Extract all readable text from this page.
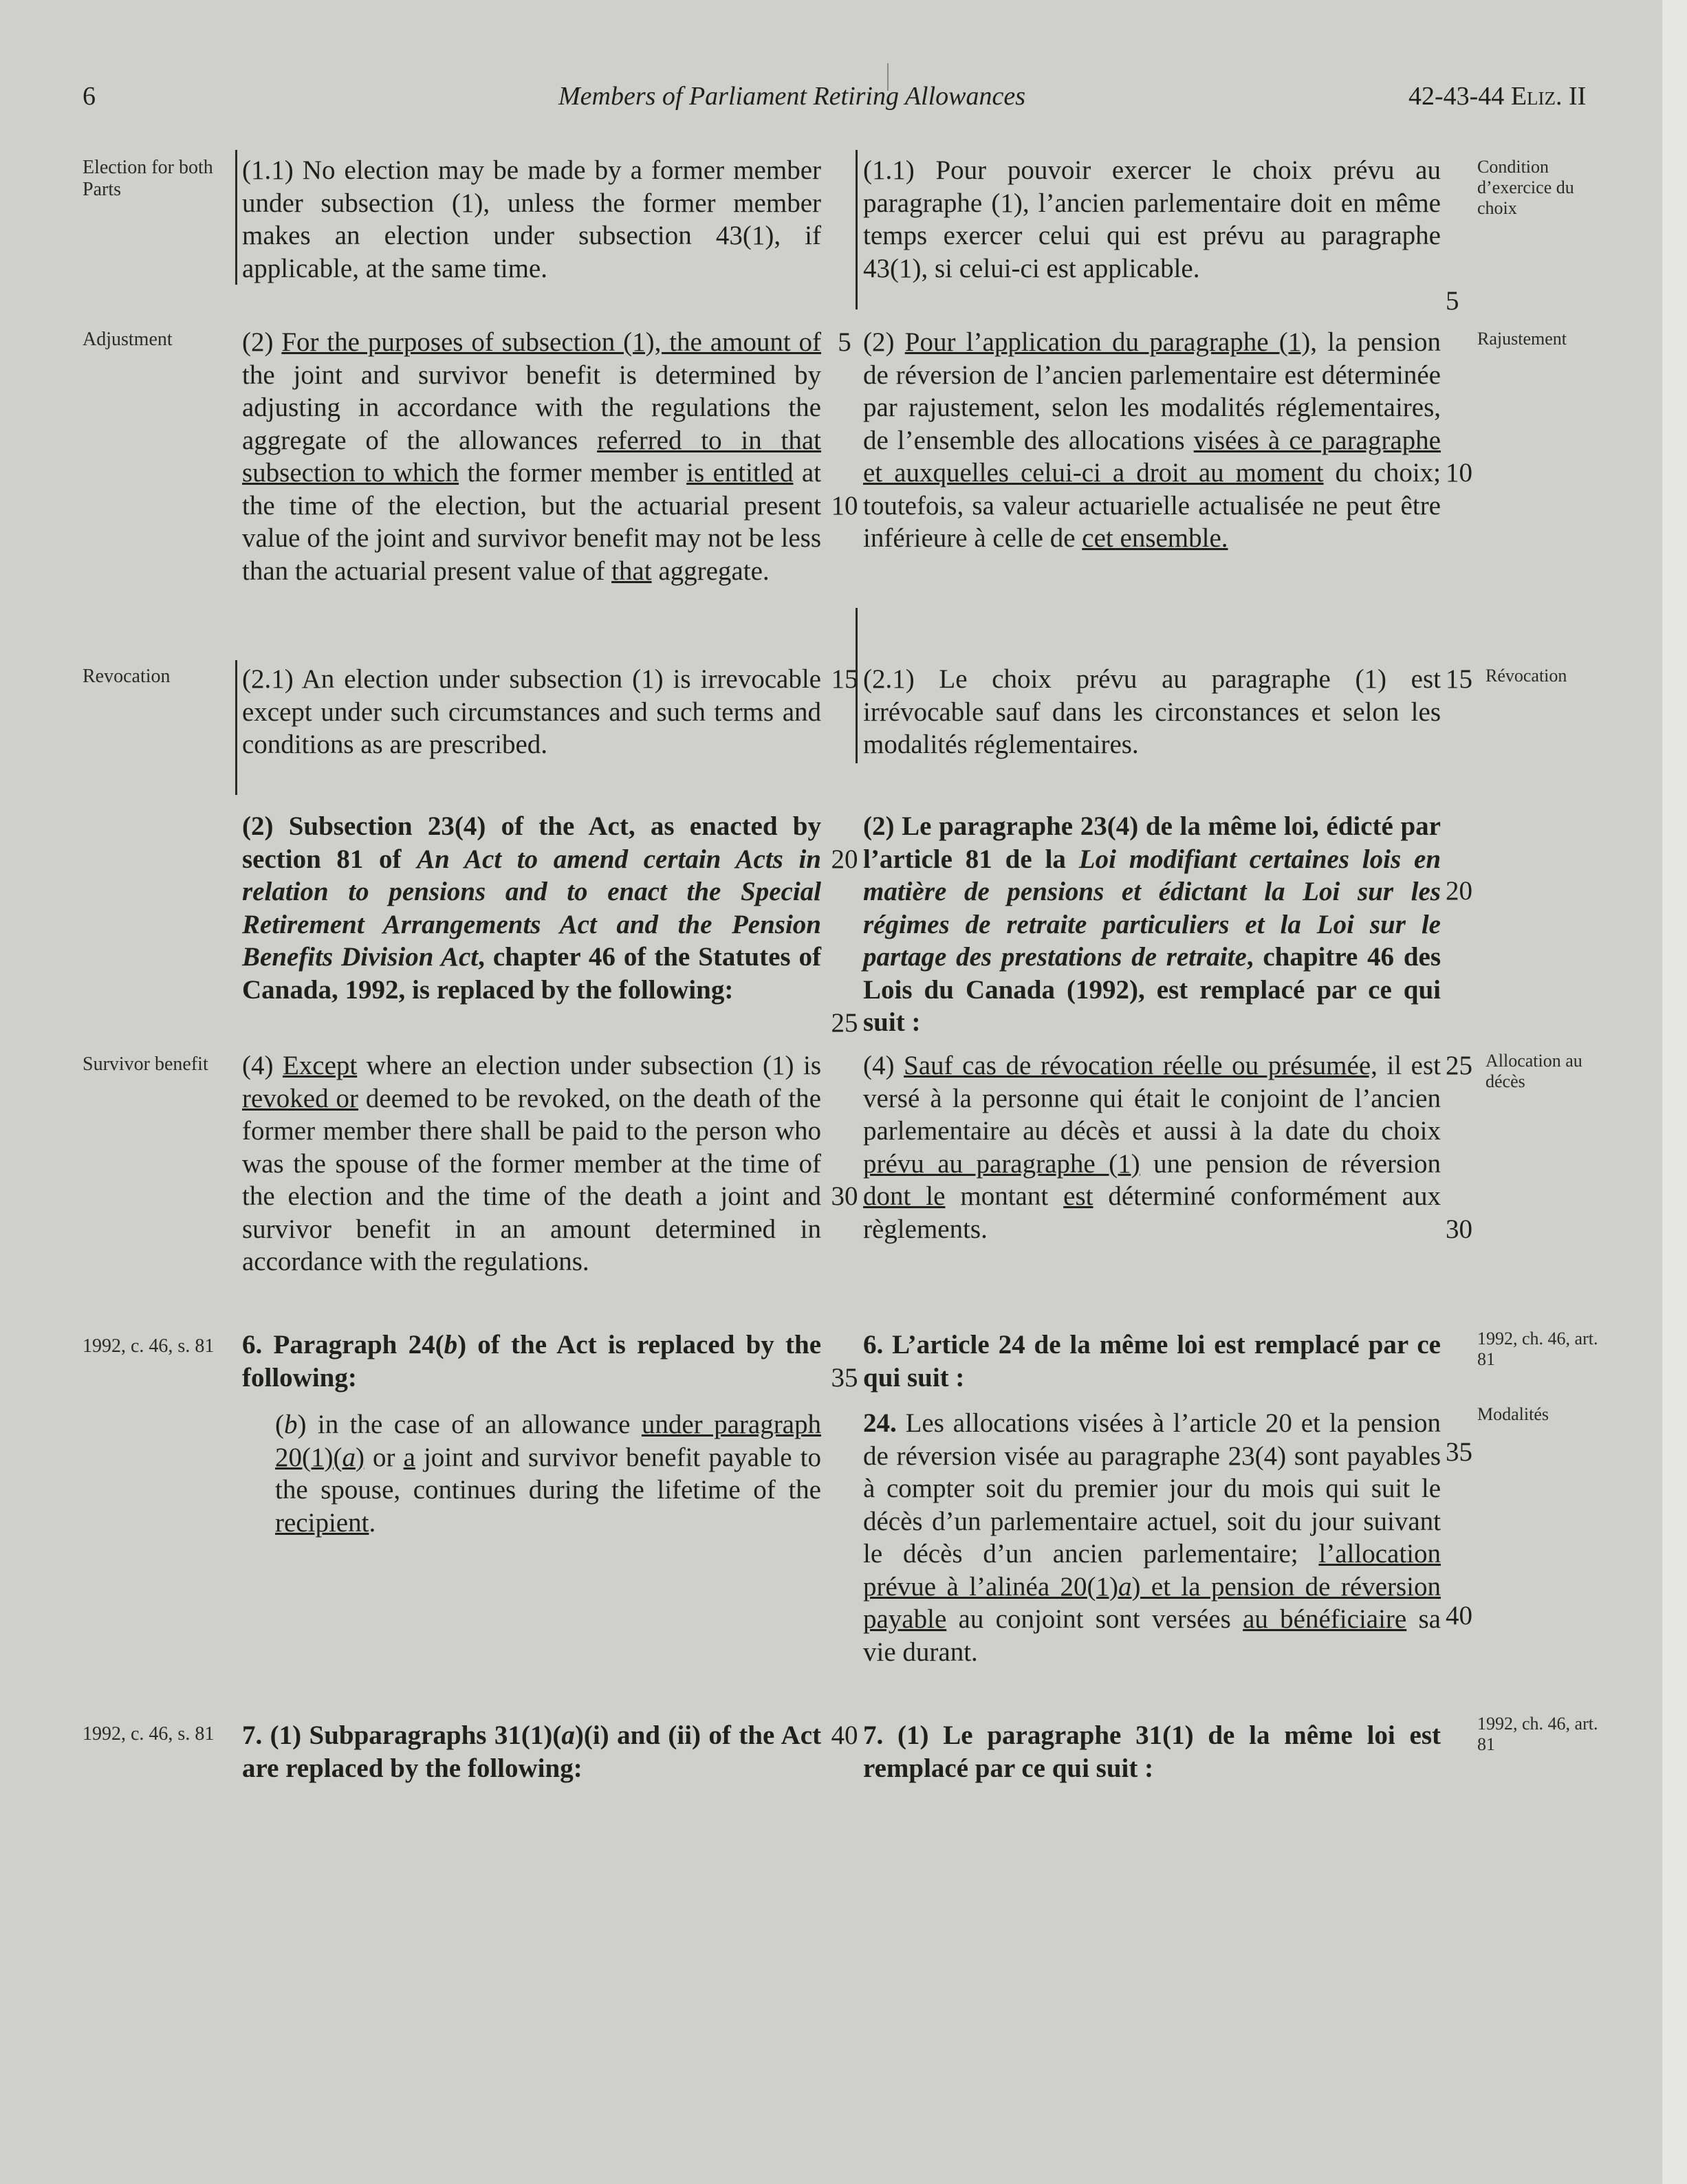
6	Members of Parliament Retiring Allowances	42-43-44 Eliz. II
Election for both Parts
Adjustment
Revocation
Survivor benefit
1992, c. 46, s. 81
1992, c. 46, s. 81
Condition d’exercice du choix
Rajustement
Révocation
Allocation au décès
1992, ch. 46, art. 81
Modalités
1992, ch. 46, art. 81
(1.1) No election may be made by a former member under subsection (1), unless the former member makes an election under subsection 43(1), if applicable, at the same time.
(2) For the purposes of subsection (1), the amount of the joint and survivor benefit is determined by adjusting in accordance with the regulations the aggregate of the allowances referred to in that subsection to which the former member is entitled at the time of the election, but the actuarial present value of the joint and survivor benefit may not be less than the actuarial present value of that aggregate.
(2.1) An election under subsection (1) is irrevocable except under such circumstances and such terms and conditions as are prescribed.
(2) Subsection 23(4) of the Act, as enacted by section 81 of An Act to amend certain Acts in relation to pensions and to enact the Special Retirement Arrangements Act and the Pension Benefits Division Act, chapter 46 of the Statutes of Canada, 1992, is replaced by the following:
(4) Except where an election under subsection (1) is revoked or deemed to be revoked, on the death of the former member there shall be paid to the person who was the spouse of the former member at the time of the election and the time of the death a joint and survivor benefit in an amount determined in accordance with the regulations.
6. Paragraph 24(b) of the Act is replaced by the following:
(b) in the case of an allowance under paragraph 20(1)(a) or a joint and survivor benefit payable to the spouse, continues during the lifetime of the recipient.
7. (1) Subparagraphs 31(1)(a)(i) and (ii) of the Act are replaced by the following:
5
10
15
20
25
30
35
40
(1.1) Pour pouvoir exercer le choix prévu au paragraphe (1), l’ancien parlementaire doit en même temps exercer celui qui est prévu au paragraphe 43(1), si celui-ci est applicable.
(2) Pour l’application du paragraphe (1), la pension de réversion de l’ancien parlementaire est déterminée par rajustement, selon les modalités réglementaires, de l’ensemble des allocations visées à ce paragraphe et auxquelles celui-ci a droit au moment du choix; toutefois, sa valeur actuarielle actualisée ne peut être inférieure à celle de cet ensemble.
(2.1) Le choix prévu au paragraphe (1) est irrévocable sauf dans les circonstances et selon les modalités réglementaires.
(2) Le paragraphe 23(4) de la même loi, édicté par l’article 81 de la Loi modifiant certaines lois en matière de pensions et édictant la Loi sur les régimes de retraite particuliers et la Loi sur le partage des prestations de retraite, chapitre 46 des Lois du Canada (1992), est remplacé par ce qui suit :
(4) Sauf cas de révocation réelle ou présumée, il est versé à la personne qui était le conjoint de l’ancien parlementaire au décès et aussi à la date du choix prévu au paragraphe (1) une pension de réversion dont le montant est déterminé conformément aux règlements.
6. L’article 24 de la même loi est remplacé par ce qui suit :
24. Les allocations visées à l’article 20 et la pension de réversion visée au paragraphe 23(4) sont payables à compter soit du premier jour du mois qui suit le décès d’un parlementaire actuel, soit du jour suivant le décès d’un ancien parlementaire; l’allocation prévue à l’alinéa 20(1)a) et la pension de réversion payable au conjoint sont versées au bénéficiaire sa vie durant.
7. (1) Le paragraphe 31(1) de la même loi est remplacé par ce qui suit :
5
10
15
20
25
30
35
40
